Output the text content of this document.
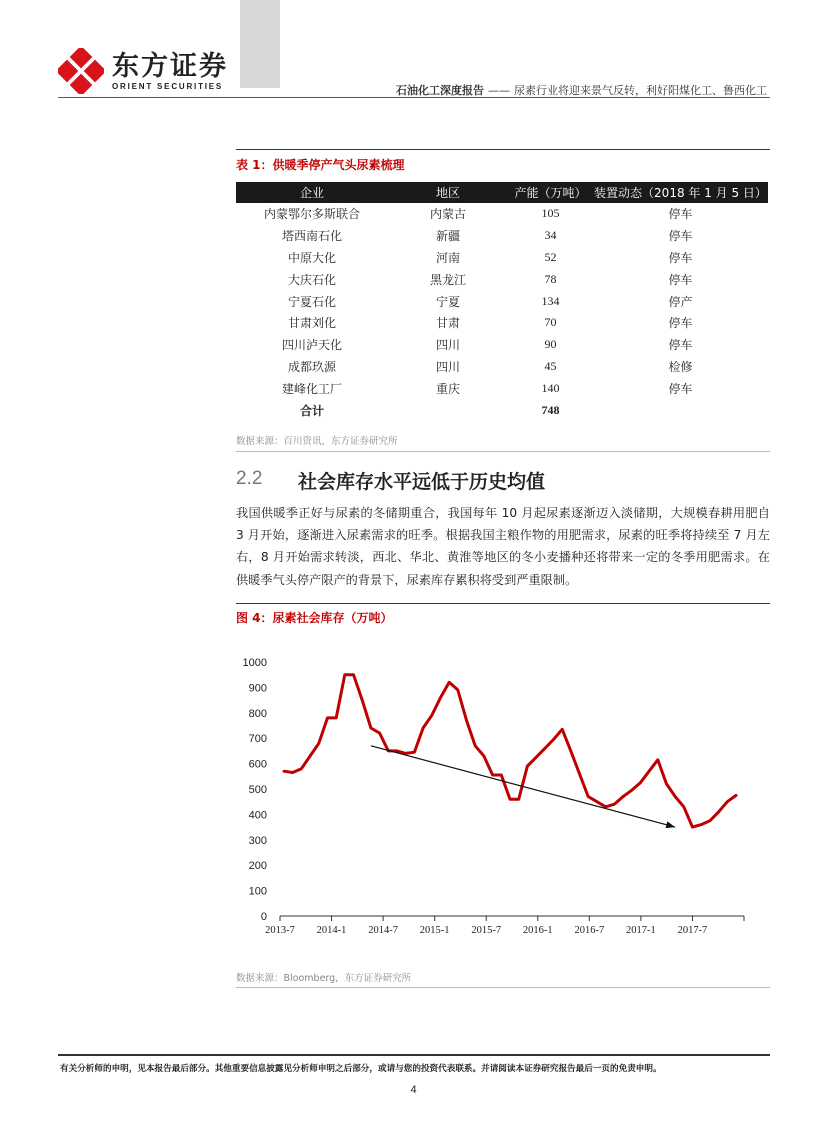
东方证券
ORIENT SECURITIES	石油化工深度报告 —— 尿素行业将迎来景气反转，利好阳煤化工、鲁西化工
表 1：供暖季停产气头尿素梳理
企业	地区	产能（万吨）	装置动态（2018 年 1 月 5 日）
内蒙鄂尔多斯联合	内蒙古	105	停车
塔西南石化	新疆	34	停车
中原大化	河南	52	停车
大庆石化	黑龙江	78	停车
宁夏石化	宁夏	134	停产
甘肃刘化	甘肃	70	停车
四川泸天化	四川	90	停车
成都玖源	四川	45	检修
建峰化工厂	重庆	140	停车
合计		748	
数据来源：百川资讯，东方证券研究所
2.2 社会库存水平远低于历史均值
我国供暖季正好与尿素的冬储期重合，我国每年 10 月起尿素逐渐迈入淡储期，大规模春耕用肥自 3 月开始，逐渐进入尿素需求的旺季。根据我国主粮作物的用肥需求，尿素的旺季将持续至 7 月左右，8 月开始需求转淡，西北、华北、黄淮等地区的冬小麦播种还将带来一定的冬季用肥需求。在供暖季气头停产限产的背景下，尿素库存累积将受到严重限制。
图 4：尿素社会库存（万吨）
0
100
200
300
400
500
600
700
800
900
1000
2013-7 2014-1 2014-7 2015-1 2015-7 2016-1 2016-7 2017-1 2017-7
数据来源：Bloomberg，东方证券研究所
有关分析师的申明，见本报告最后部分。其他重要信息披露见分析师申明之后部分，或请与您的投资代表联系。并请阅读本证券研究报告最后一页的免责申明。
4
